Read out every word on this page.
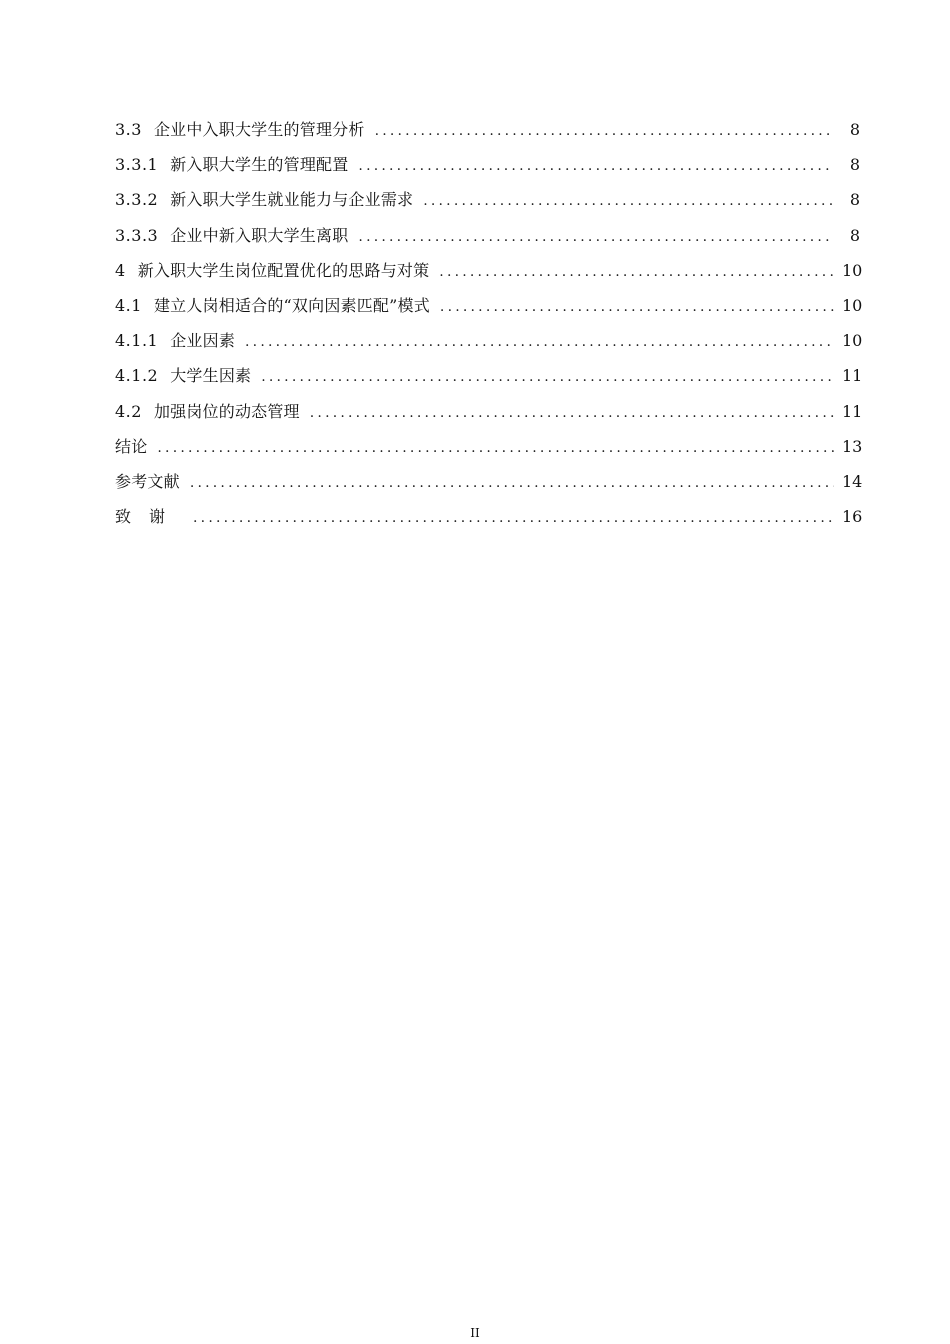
3.3 企业中入职大学生的管理分析 .....	8
3.3.1 新入职大学生的管理配置 .....	8
3.3.2 新入职大学生就业能力与企业需求 .....	8
3.3.3 企业中新入职大学生离职 .....	8
4 新入职大学生岗位配置优化的思路与对策 .....	10
4.1 建立人岗相适合的“双向因素匹配”模式 .....	10
4.1.1 企业因素 .....	10
4.1.2 大学生因素 .....	11
4.2 加强岗位的动态管理 .....	11
结论 .....	13
参考文献 .....	14
致谢 .....	16
II
